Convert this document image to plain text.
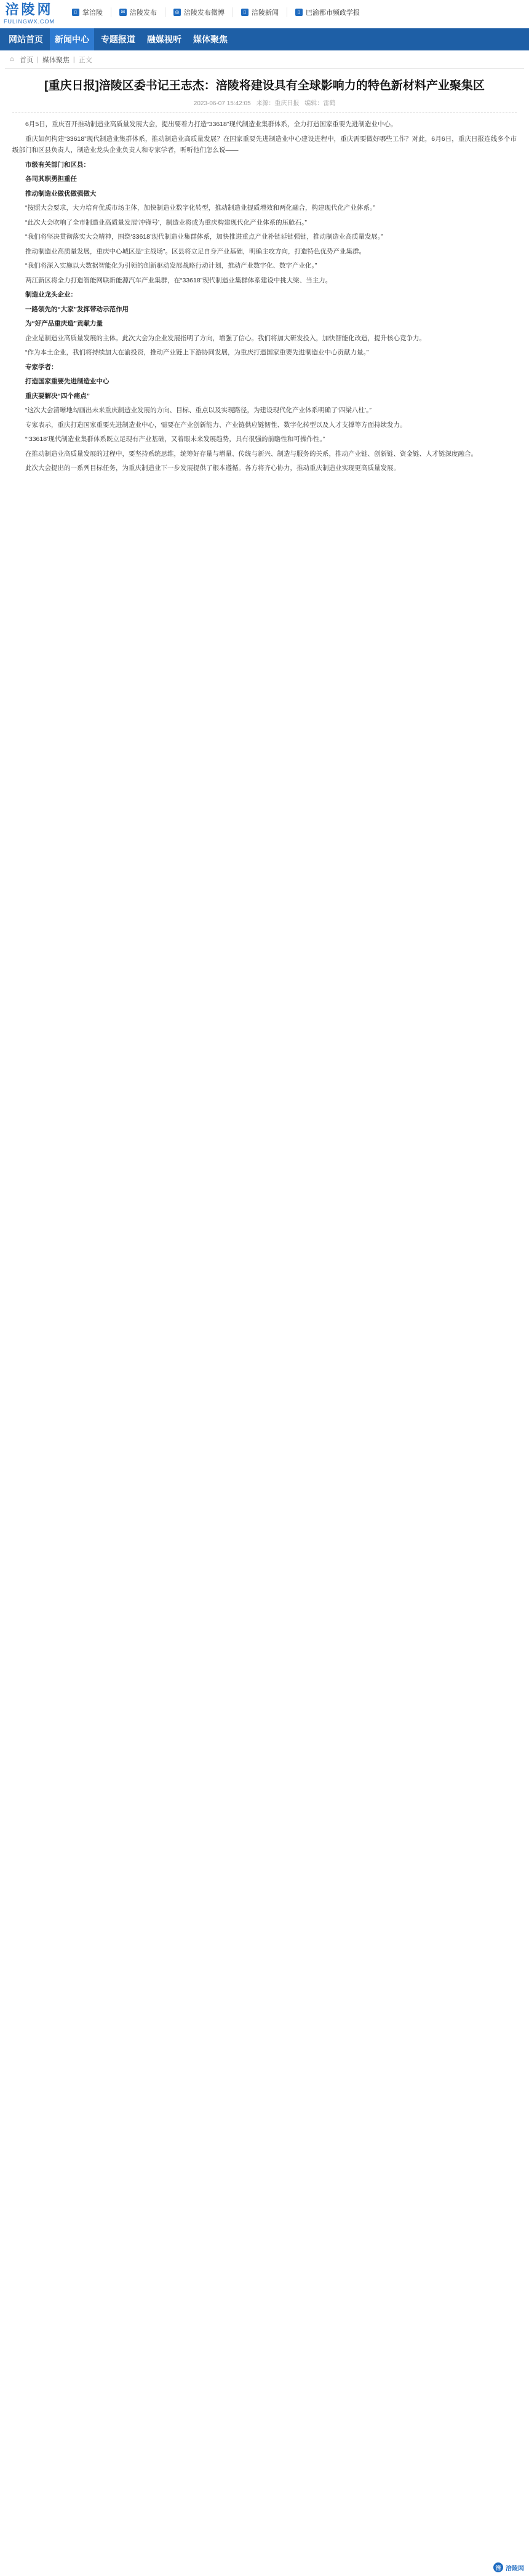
涪陵网
FULINGWX.COM
▯ 掌涪陵	✉ 涪陵发布	◎ 涪陵发布微博	▯ 涪陵新闻	▯ 巴渝都市频政学报
网站首页	新闻中心	专题报道	融媒视听	媒体聚焦
⌂ 首页 | 媒体聚焦 | 正文
[重庆日报]涪陵区委书记王志杰：涪陵将建设具有全球影响力的特色新材料产业聚集区
2023-06-07 15:42:05 来源：重庆日报 编辑：雷鹤

6月5日，重庆召开推动制造业高质量发展大会，提出要着力打造“33618”现代制造业集群体系，全力打造国家重要先进制造业中心。

重庆如何构建“33618”现代制造业集群体系，推动制造业高质量发展？在国家重要先进制造业中心建设进程中，重庆需要做好哪些工作？对此，6月6日，重庆日报连线多个市级部门和区县负责人，制造业龙头企业负责人和专家学者，听听他们怎么说——

市级有关部门和区县：

各司其职勇担重任

推动制造业做优做强做大

“按照大会要求，大力培育优质市场主体，加快制造业数字化转型，推动制造业提质增效和两化融合，构建现代化产业体系。”

“此次大会吹响了全市制造业高质量发展‘冲锋号’，制造业将成为重庆构建现代化产业体系的压舱石。”

“我们将坚决贯彻落实大会精神，围绕‘33618’现代制造业集群体系，加快推进重点产业补链延链强链，推动制造业高质量发展。”

推动制造业高质量发展，重庆中心城区是“主战场”。区县将立足自身产业基础，明确主攻方向，打造特色优势产业集群。

“我们将深入实施以大数据智能化为引领的创新驱动发展战略行动计划，推动产业数字化、数字产业化。”

两江新区将全力打造智能网联新能源汽车产业集群，在“33618”现代制造业集群体系建设中挑大梁、当主力。

制造业龙头企业：

一路领先的“大家”发挥带动示范作用

为“好产品重庆造”贡献力量

企业是制造业高质量发展的主体。此次大会为企业发展指明了方向，增强了信心。我们将加大研发投入，加快智能化改造，提升核心竞争力。

“作为本土企业，我们将持续加大在渝投资，推动产业链上下游协同发展，为重庆打造国家重要先进制造业中心贡献力量。”

专家学者：

打造国家重要先进制造业中心

重庆要解决“四个痛点”

“这次大会清晰地勾画出未来重庆制造业发展的方向、目标、重点以及实现路径，为建设现代化产业体系明确了‘四梁八柱’。”

专家表示，重庆打造国家重要先进制造业中心，需要在产业创新能力、产业链供应链韧性、数字化转型以及人才支撑等方面持续发力。

“‘33618’现代制造业集群体系既立足现有产业基础，又着眼未来发展趋势，具有很强的前瞻性和可操作性。”

在推动制造业高质量发展的过程中，要坚持系统思维，统筹好存量与增量、传统与新兴、制造与服务的关系，推动产业链、创新链、资金链、人才链深度融合。

此次大会提出的一系列目标任务，为重庆制造业下一步发展提供了根本遵循。各方将齐心协力，推动重庆制造业实现更高质量发展。

涪 涪陵网
